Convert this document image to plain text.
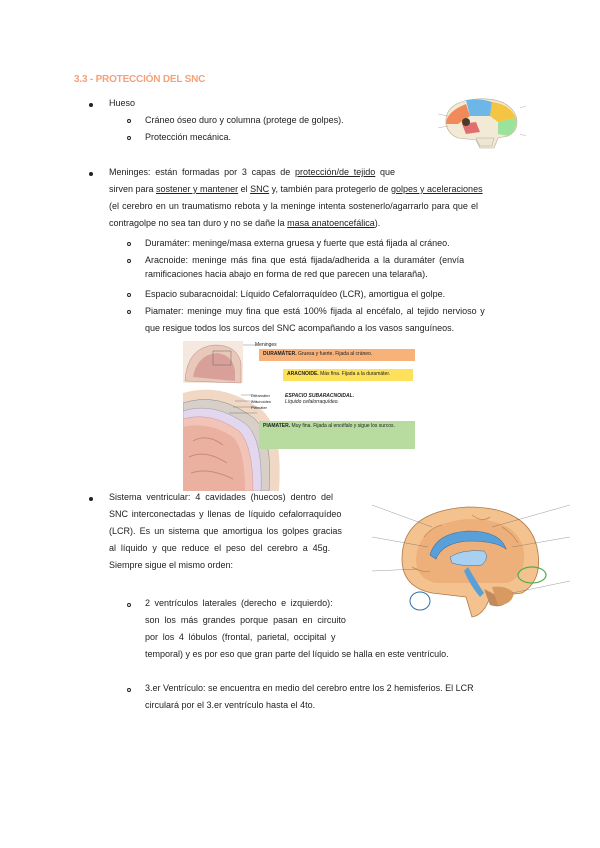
3.3 - PROTECCIÓN DEL SNC
Hueso
Cráneo óseo duro y columna (protege de golpes).
Protección mecánica.
Meninges: están formadas por 3 capas de protección/de tejido que
sirven para sostener y mantener el SNC y, también para protegerlo de golpes y aceleraciones
(el cerebro en un traumatismo rebota y la meninge intenta sostenerlo/agarrarlo para que el
contragolpe no sea tan duro y no se dañe la masa anatoencefálica).
Duramáter: meninge/masa externa gruesa y fuerte que está fijada al cráneo.
Aracnoide: meninge más fina que está fijada/adherida a la duramáter (envía
ramificaciones hacia abajo en forma de red que parecen una telaraña).
Espacio subaracnoidal: Líquido Cefalorraquídeo (LCR), amortigua el golpe.
Piamater: meninge muy fina que está 100% fijada al encéfalo, al tejido nervioso y
que resigue todos los surcos del SNC acompañando a los vasos sanguíneos.
Meninges
Duramáter
Aracnoides
Piamáter
DURAMÁTER. Gruesa y fuerte. Fijada al cráneo.
ARACNOIDE. Más fina. Fijada a la duramáter.
ESPACIO SUBARACNOIDAL.
Líquido cefalorraquídeo.
PIAMATER. Muy fina. Fijada al encéfalo y sigue los surcos.
Sistema ventricular: 4 cavidades (huecos) dentro del
SNC interconectadas y llenas de líquido cefalorraquídeo
(LCR). Es un sistema que amortigua los golpes gracias
al líquido y que reduce el peso del cerebro a 45g.
Siempre sigue el mismo orden:
2 ventrículos laterales (derecho e izquierdo):
son los más grandes porque pasan en circuito
por los 4 lóbulos (frontal, parietal, occipital y
temporal) y es por eso que gran parte del líquido se halla en este ventrículo.
3.er Ventrículo: se encuentra en medio del cerebro entre los 2 hemisferios. El LCR
circulará por el 3.er ventrículo hasta el 4to.
